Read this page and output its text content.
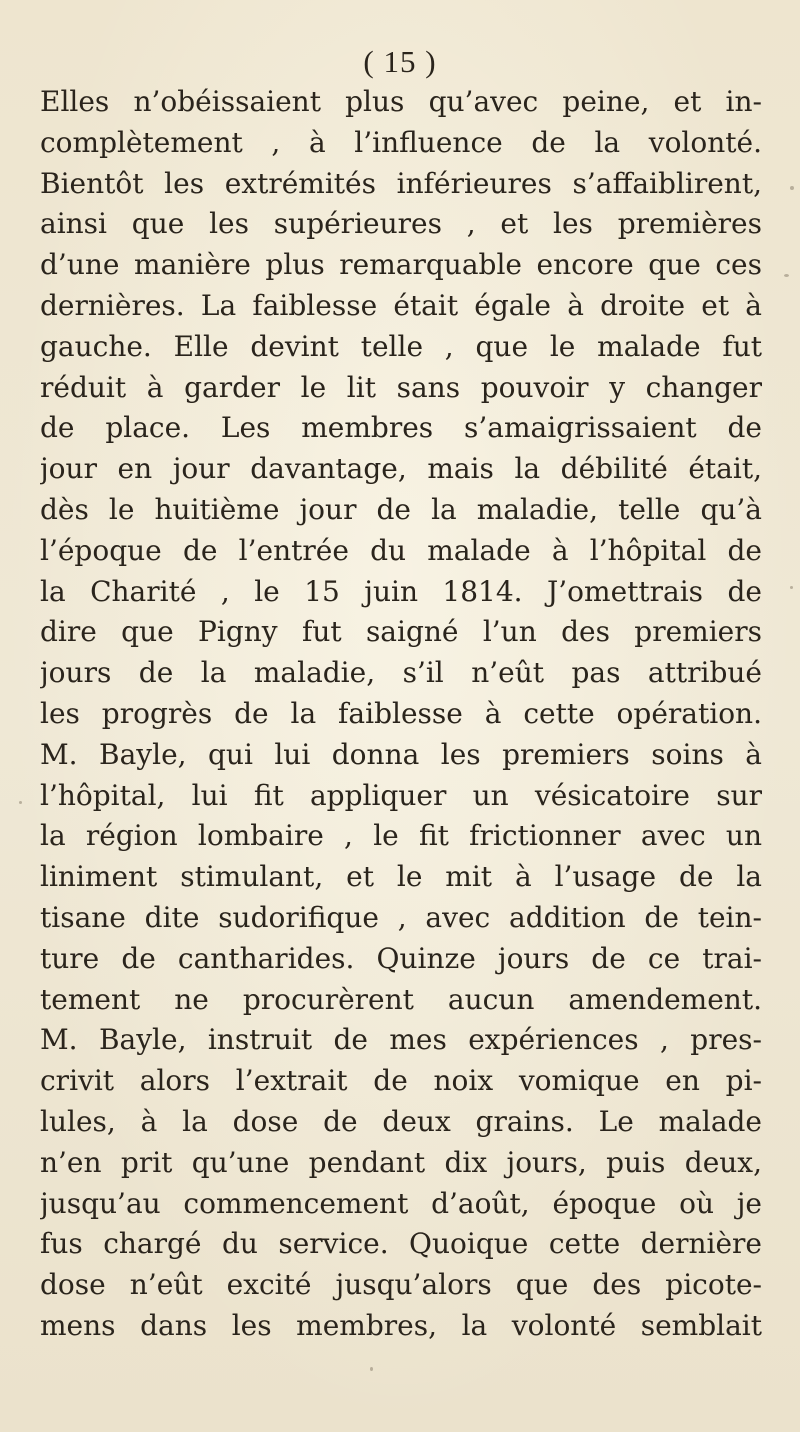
( 15 )
Elles n’obéissaient plus qu’avec peine, et in-
complètement , à l’influence de la volonté.
Bientôt les extrémités inférieures s’affaiblirent,
ainsi que les supérieures , et les premières
d’une manière plus remarquable encore que ces
dernières. La faiblesse était égale à droite et à
gauche. Elle devint telle , que le malade fut
réduit à garder le lit sans pouvoir y changer
de place. Les membres s’amaigrissaient de
jour en jour davantage, mais la débilité était,
dès le huitième jour de la maladie, telle qu’à
l’époque de l’entrée du malade à l’hôpital de
la Charité , le 15 juin 1814. J’omettrais de
dire que Pigny fut saigné l’un des premiers
jours de la maladie, s’il n’eût pas attribué
les progrès de la faiblesse à cette opération.
M. Bayle, qui lui donna les premiers soins à
l’hôpital, lui fit appliquer un vésicatoire sur
la région lombaire , le fit frictionner avec un
liniment stimulant, et le mit à l’usage de la
tisane dite sudorifique , avec addition de tein-
ture de cantharides. Quinze jours de ce trai-
tement ne procurèrent aucun amendement.
M. Bayle, instruit de mes expériences , pres-
crivit alors l’extrait de noix vomique en pi-
lules, à la dose de deux grains. Le malade
n’en prit qu’une pendant dix jours, puis deux,
jusqu’au commencement d’août, époque où je
fus chargé du service. Quoique cette dernière
dose n’eût excité jusqu’alors que des picote-
mens dans les membres, la volonté semblait
